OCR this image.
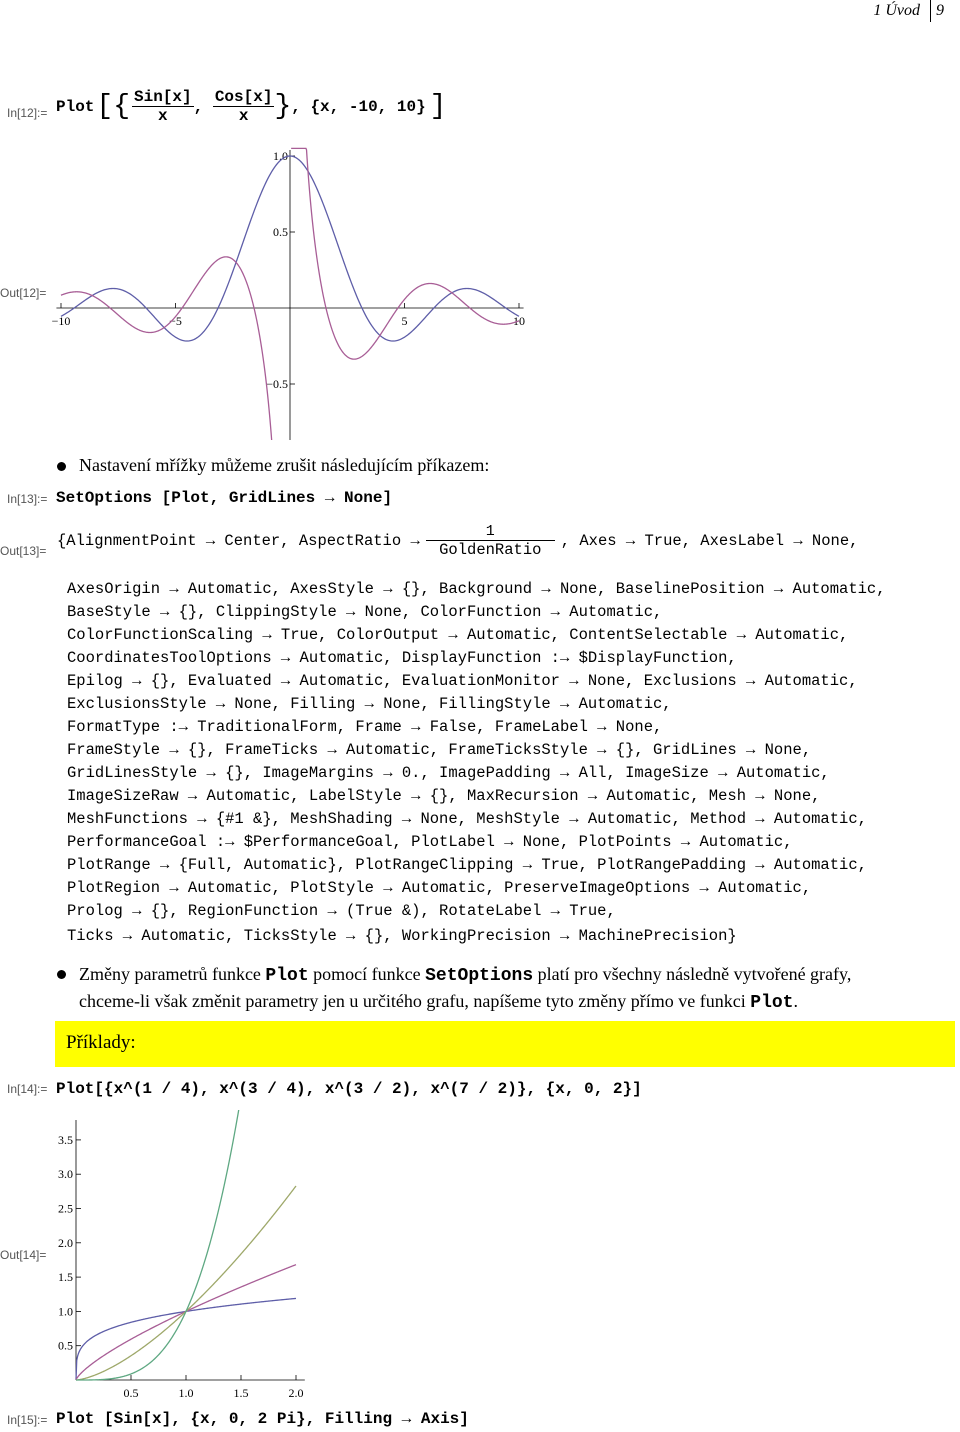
1 Úvod 9
In[12]:= Plot [{ $\frac{\text{Sin[x]}}{x}$ , $\frac{\text{Cos[x]}}{x}$ } , {x, -10, 10} ]
Out[12]=
−10	−5	5	10
1.0
0.5
−0.5
Nastavení mřížky můžeme zrušit následujícím příkazem:
In[13]:= SetOptions [Plot, GridLines → None]
Out[13]=
{AlignmentPoint → Center, AspectRatio → $\frac{1}{\text{GoldenRatio}}$ , Axes → True, AxesLabel → None,
AxesOrigin → Automatic, AxesStyle → {}, Background → None, BaselinePosition → Automatic,
BaseStyle → {}, ClippingStyle → None, ColorFunction → Automatic,
ColorFunctionScaling → True, ColorOutput → Automatic, ContentSelectable → Automatic,
CoordinatesToolOptions → Automatic, DisplayFunction :→ $DisplayFunction,
Epilog → {}, Evaluated → Automatic, EvaluationMonitor → None, Exclusions → Automatic,
ExclusionsStyle → None, Filling → None, FillingStyle → Automatic,
FormatType :→ TraditionalForm, Frame → False, FrameLabel → None,
FrameStyle → {}, FrameTicks → Automatic, FrameTicksStyle → {}, GridLines → None,
GridLinesStyle → {}, ImageMargins → 0., ImagePadding → All, ImageSize → Automatic,
ImageSizeRaw → Automatic, LabelStyle → {}, MaxRecursion → Automatic, Mesh → None,
MeshFunctions → {#1 &}, MeshShading → None, MeshStyle → Automatic, Method → Automatic,
PerformanceGoal :→ $PerformanceGoal, PlotLabel → None, PlotPoints → Automatic,
PlotRange → {Full, Automatic}, PlotRangeClipping → True, PlotRangePadding → Automatic,
PlotRegion → Automatic, PlotStyle → Automatic, PreserveImageOptions → Automatic,
Prolog → {}, RegionFunction → (True &), RotateLabel → True,
Ticks → Automatic, TicksStyle → {}, WorkingPrecision → MachinePrecision}
Změny parametrů funkce Plot pomocí funkce SetOptions platí pro všechny následně vytvořené grafy,
chceme-li však změnit parametry jen u určitého grafu, napíšeme tyto změny přímo ve funkci Plot.
Příklady:
In[14]:= Plot[{x^(1 / 4), x^(3 / 4), x^(3 / 2), x^(7 / 2)}, {x, 0, 2}]
Out[14]=
0.5	1.0	1.5	2.0
0.5
1.0
1.5
2.0
2.5
3.0
3.5
In[15]:= Plot [Sin[x], {x, 0, 2 Pi}, Filling → Axis]
